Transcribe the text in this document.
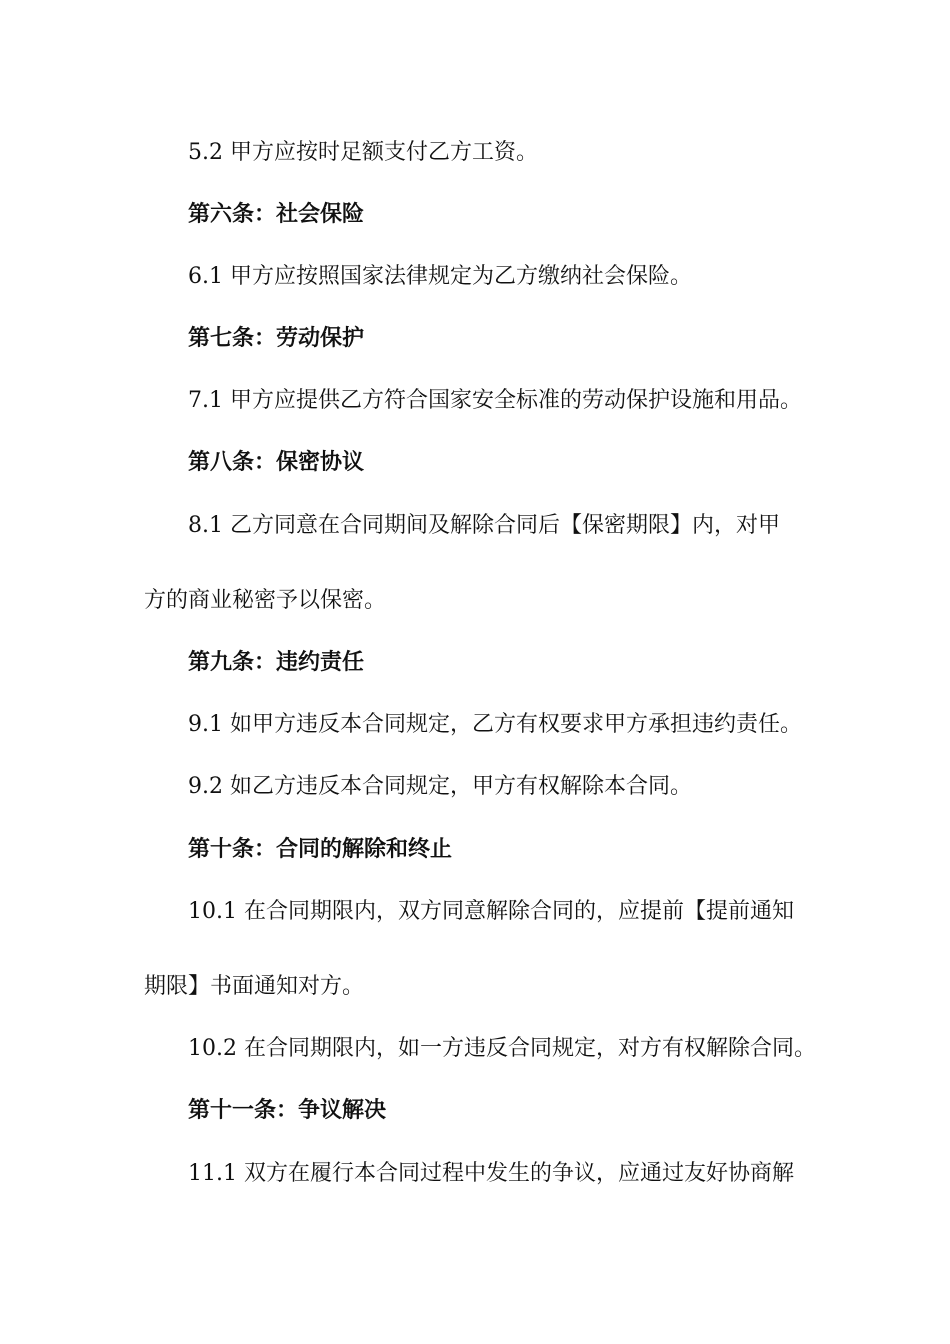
5.2 甲方应按时足额支付乙方工资。
第六条：社会保险
6.1 甲方应按照国家法律规定为乙方缴纳社会保险。
第七条：劳动保护
7.1 甲方应提供乙方符合国家安全标准的劳动保护设施和用品。
第八条：保密协议
8.1 乙方同意在合同期间及解除合同后【保密期限】内，对甲
方的商业秘密予以保密。
第九条：违约责任
9.1 如甲方违反本合同规定，乙方有权要求甲方承担违约责任。
9.2 如乙方违反本合同规定，甲方有权解除本合同。
第十条：合同的解除和终止
10.1 在合同期限内，双方同意解除合同的，应提前【提前通知
期限】书面通知对方。
10.2 在合同期限内，如一方违反合同规定，对方有权解除合同。
第十一条：争议解决
11.1 双方在履行本合同过程中发生的争议，应通过友好协商解
